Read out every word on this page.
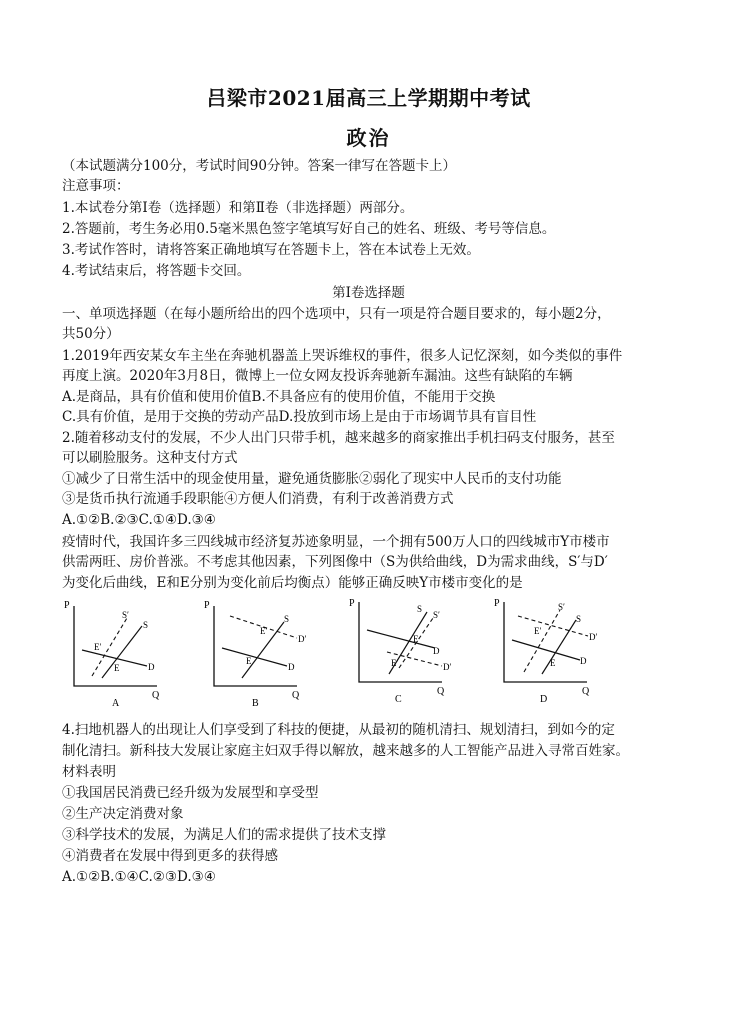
吕梁市2021届高三上学期期中考试
政治
（本试题满分100分，考试时间90分钟。答案一律写在答题卡上）
注意事项：
1.本试卷分第Ⅰ卷（选择题）和第Ⅱ卷（非选择题）两部分。
2.答题前，考生务必用0.5毫米黑色签字笔填写好自己的姓名、班级、考号等信息。
3.考试作答时，请将答案正确地填写在答题卡上，答在本试卷上无效。
4.考试结束后，将答题卡交回。
第Ⅰ卷选择题
一、单项选择题（在每小题所给出的四个选项中，只有一项是符合题目要求的，每小题2分，
共50分）
1.2019年西安某女车主坐在奔驰机器盖上哭诉维权的事件，很多人记忆深刻，如今类似的事件
再度上演。2020年3月8日，微博上一位女网友投诉奔驰新车漏油。这些有缺陷的车辆
A.是商品，具有价值和使用价值B.不具备应有的使用价值，不能用于交换
C.具有价值，是用于交换的劳动产品D.投放到市场上是由于市场调节具有盲目性
2.随着移动支付的发展，不少人出门只带手机，越来越多的商家推出手机扫码支付服务，甚至
可以刷脸服务。这种支付方式
①减少了日常生活中的现金使用量，避免通货膨胀②弱化了现实中人民币的支付功能
③是货币执行流通手段职能④方便人们消费，有利于改善消费方式
A.①②B.②③C.①④D.③④
疫情时代，我国许多三四线城市经济复苏迹象明显，一个拥有500万人口的四线城市Y市楼市
供需两旺、房价普涨。不考虑其他因素，下列图像中（S为供给曲线，D为需求曲线，S′与D′
为变化后曲线，E和E分别为变化前后均衡点）能够正确反映Y市楼市变化的是
P
Q
S
S′
D
E
E′
A
P
Q
S
D
D′
E
E′
B
P
Q
S
S′
D
D′
E
E′
C
P
Q
S
S′
D
D′
E
E′
D
4.扫地机器人的出现让人们享受到了科技的便捷，从最初的随机清扫、规划清扫，到如今的定
制化清扫。新科技大发展让家庭主妇双手得以解放，越来越多的人工智能产品进入寻常百姓家。
材料表明
①我国居民消费已经升级为发展型和享受型
②生产决定消费对象
③科学技术的发展，为满足人们的需求提供了技术支撑
④消费者在发展中得到更多的获得感
A.①②B.①④C.②③D.③④
